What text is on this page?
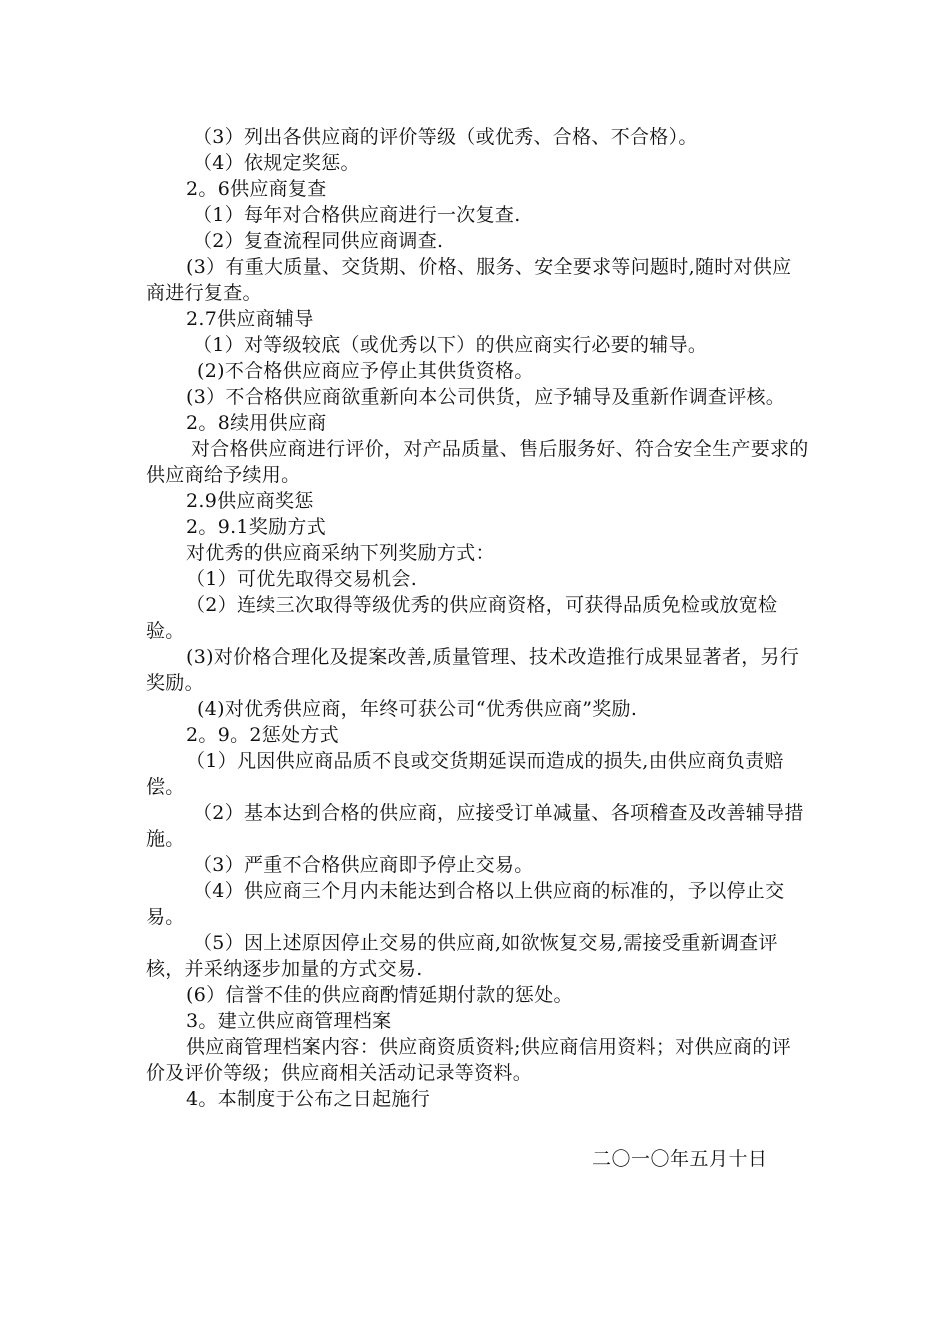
（3）列出各供应商的评价等级（或优秀、合格、不合格）。

（4）依规定奖惩。

2。6供应商复查

（1）每年对合格供应商进行一次复查.

（2）复查流程同供应商调查.

(3）有重大质量、交货期、价格、服务、安全要求等问题时,随时对供应商进行复查。

2.7供应商辅导

（1）对等级较底（或优秀以下）的供应商实行必要的辅导。

(2)不合格供应商应予停止其供货资格。

(3）不合格供应商欲重新向本公司供货，应予辅导及重新作调查评核。

2。8续用供应商

对合格供应商进行评价，对产品质量、售后服务好、符合安全生产要求的供应商给予续用。

2.9供应商奖惩

2。9.1奖励方式

对优秀的供应商采纳下列奖励方式：

（1）可优先取得交易机会.

（2）连续三次取得等级优秀的供应商资格，可获得品质免检或放宽检验。

(3)对价格合理化及提案改善,质量管理、技术改造推行成果显著者，另行奖励。

(4)对优秀供应商，年终可获公司“优秀供应商”奖励.

2。9。2惩处方式

（1）凡因供应商品质不良或交货期延误而造成的损失,由供应商负责赔偿。

（2）基本达到合格的供应商，应接受订单减量、各项稽查及改善辅导措施。

（3）严重不合格供应商即予停止交易。

（4）供应商三个月内未能达到合格以上供应商的标准的，予以停止交易。

（5）因上述原因停止交易的供应商,如欲恢复交易,需接受重新调查评核，并采纳逐步加量的方式交易.

(6）信誉不佳的供应商酌情延期付款的惩处。

3。建立供应商管理档案

供应商管理档案内容：供应商资质资料;供应商信用资料；对供应商的评价及评价等级；供应商相关活动记录等资料。

4。本制度于公布之日起施行

二〇一〇年五月十日
